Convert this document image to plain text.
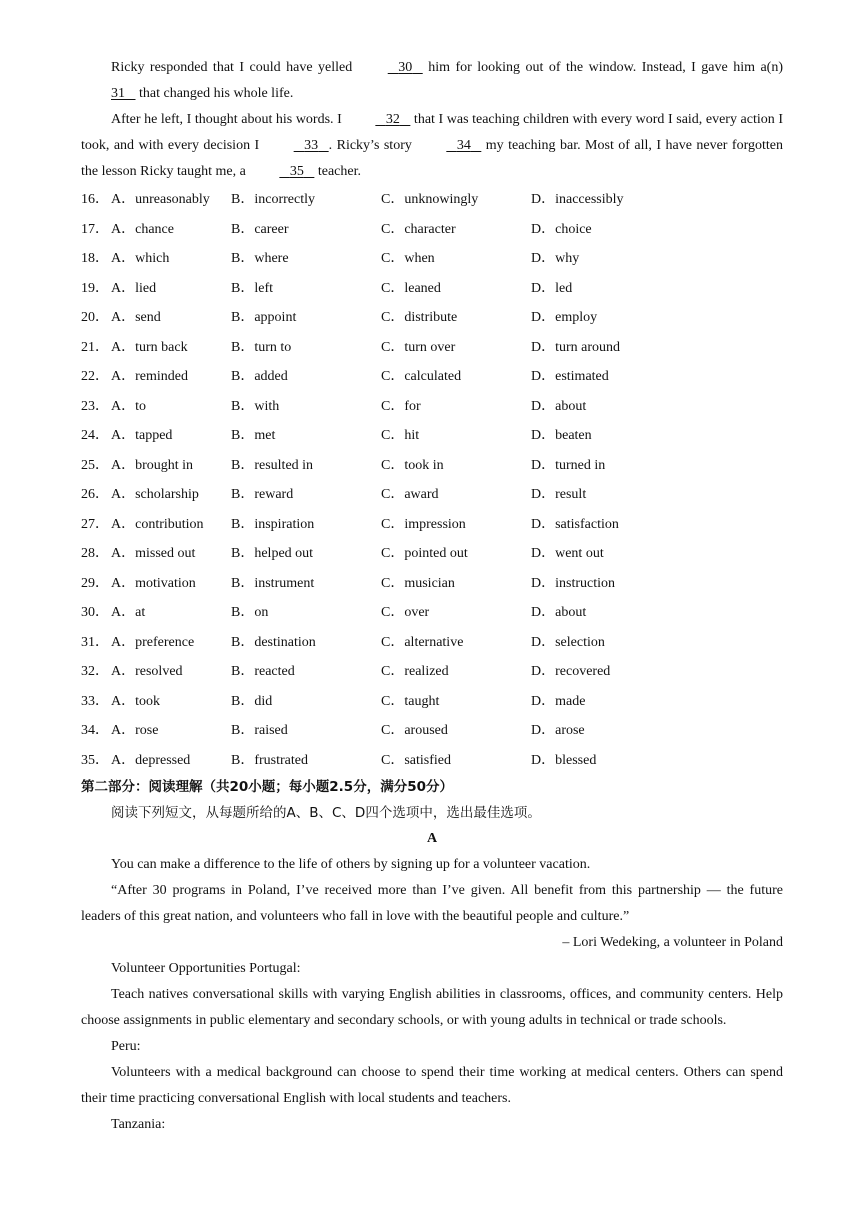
Ricky responded that I could have yelled	30    him for looking out of the window. Instead, I gave him a(n) 31    that changed his whole life.

After he left, I thought about his words. I	32    that I was teaching children with every word I said, every action I took, and with every decision I	33 . Ricky’s story	34    my teaching bar. Most of all, I have never forgotten the lesson Ricky taught me, a	35    teacher.

16． A．unreasonably B．incorrectly	C．unknowingly	D．inaccessibly
17． A．chance	B．career	C．character	D．choice
18． A．which	B．where	C．when	D．why
19． A．lied	B．left	C．leaned	D．led
20． A．send	B．appoint	C．distribute	D．employ
21． A．turn back	B．turn to	C．turn over	D．turn around
22． A．reminded	B．added	C．calculated	D．estimated
23． A．to	B．with	C．for	D．about
24． A．tapped	B．met	C．hit	D．beaten
25． A．brought in	B．resulted in	C．took in	D．turned in
26． A．scholarship B．reward	C．award	D．result
27． A．contribution B．inspiration	C．impression	D．satisfaction
28． A．missed out	B．helped out	C．pointed out	D．went out
29． A．motivation	B．instrument	C．musician	D．instruction
30． A．at	B．on	C．over	D．about
31． A．preference	B．destination	C．alternative	D．selection
32． A．resolved	B．reacted	C．realized	D．recovered
33． A．took	B．did	C．taught	D．made
34． A．rose	B．raised	C．aroused	D．arose
35． A．depressed	B．frustrated	C．satisfied	D．blessed

第二部分：阅读理解（共20小题；每小题2.5分，满分50分）

阅读下列短文，从每题所给的A、B、C、D四个选项中，选出最佳选项。

A

You can make a difference to the life of others by signing up for a volunteer vacation.

“After 30 programs in Poland, I’ve received more than I’ve given. All benefit from this partnership — the future leaders of this great nation, and volunteers who fall in love with the beautiful people and culture.”

– Lori Wedeking, a volunteer in Poland

Volunteer Opportunities Portugal:

Teach natives conversational skills with varying English abilities in classrooms, offices, and community centers. Help choose assignments in public elementary and secondary schools, or with young adults in technical or trade schools.

Peru:

Volunteers with a medical background can choose to spend their time working at medical centers. Others can spend their time practicing conversational English with local students and teachers.

Tanzania:
